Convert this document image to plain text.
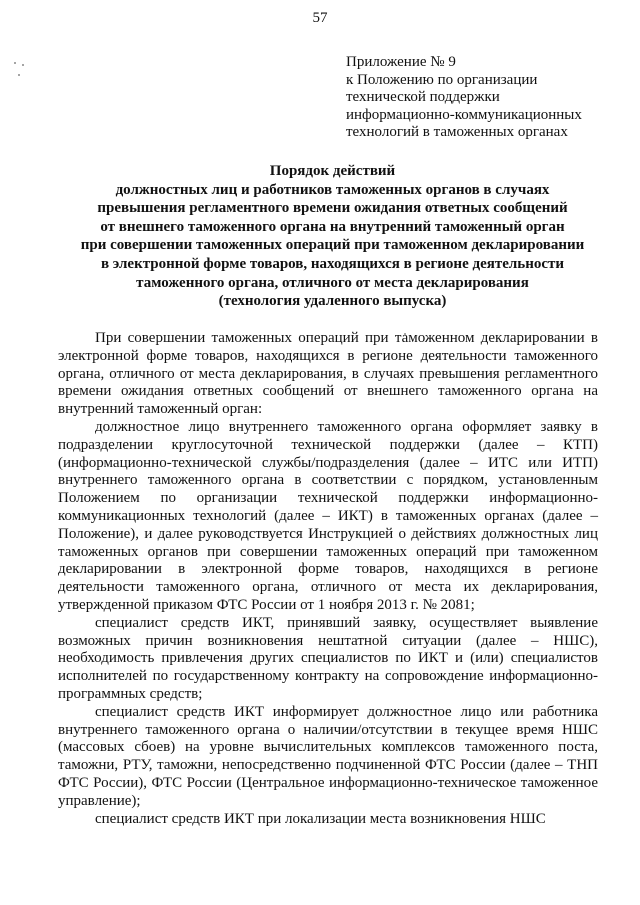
57
Приложение № 9
к Положению по организации
технической поддержки
информационно-коммуникационных
технологий в таможенных органах
Порядок действий
должностных лиц и работников таможенных органов в случаях
превышения регламентного времени ожидания ответных сообщений
от внешнего таможенного органа на внутренний таможенный орган
при совершении таможенных операций при таможенном декларировании
в электронной форме товаров, находящихся в регионе деятельности
таможенного органа, отличного от места декларирования
(технология удаленного выпуска)

При совершении таможенных операций при таможенном декларировании в электронной форме товаров, находящихся в регионе деятельности таможенного органа, отличного от места декларирования, в случаях превышения регламентного времени ожидания ответных сообщений от внешнего таможенного органа на внутренний таможенный орган:

должностное лицо внутреннего таможенного органа оформляет заявку в подразделении круглосуточной технической поддержки (далее – КТП) (информационно-технической службы/подразделения (далее – ИТС или ИТП) внутреннего таможенного органа в соответствии с порядком, установленным Положением по организации технической поддержки информационно-коммуникационных технологий (далее – ИКТ) в таможенных органах (далее – Положение), и далее руководствуется Инструкцией о действиях должностных лиц таможенных органов при совершении таможенных операций при таможенном декларировании в электронной форме товаров, находящихся в регионе деятельности таможенного органа, отличного от места их декларирования, утвержденной приказом ФТС России от 1 ноября 2013 г. № 2081;

специалист средств ИКТ, принявший заявку, осуществляет выявление возможных причин возникновения нештатной ситуации (далее – НШС), необходимость привлечения других специалистов по ИКТ и (или) специалистов исполнителей по государственному контракту на сопровождение информационно-программных средств;

специалист средств ИКТ информирует должностное лицо или работника внутреннего таможенного органа о наличии/отсутствии в текущее время НШС (массовых сбоев) на уровне вычислительных комплексов таможенного поста, таможни, РТУ, таможни, непосредственно подчиненной ФТС России (далее – ТНП ФТС России), ФТС России (Центральное информационно-техническое таможенное управление);

специалист средств ИКТ при локализации места возникновения НШС
